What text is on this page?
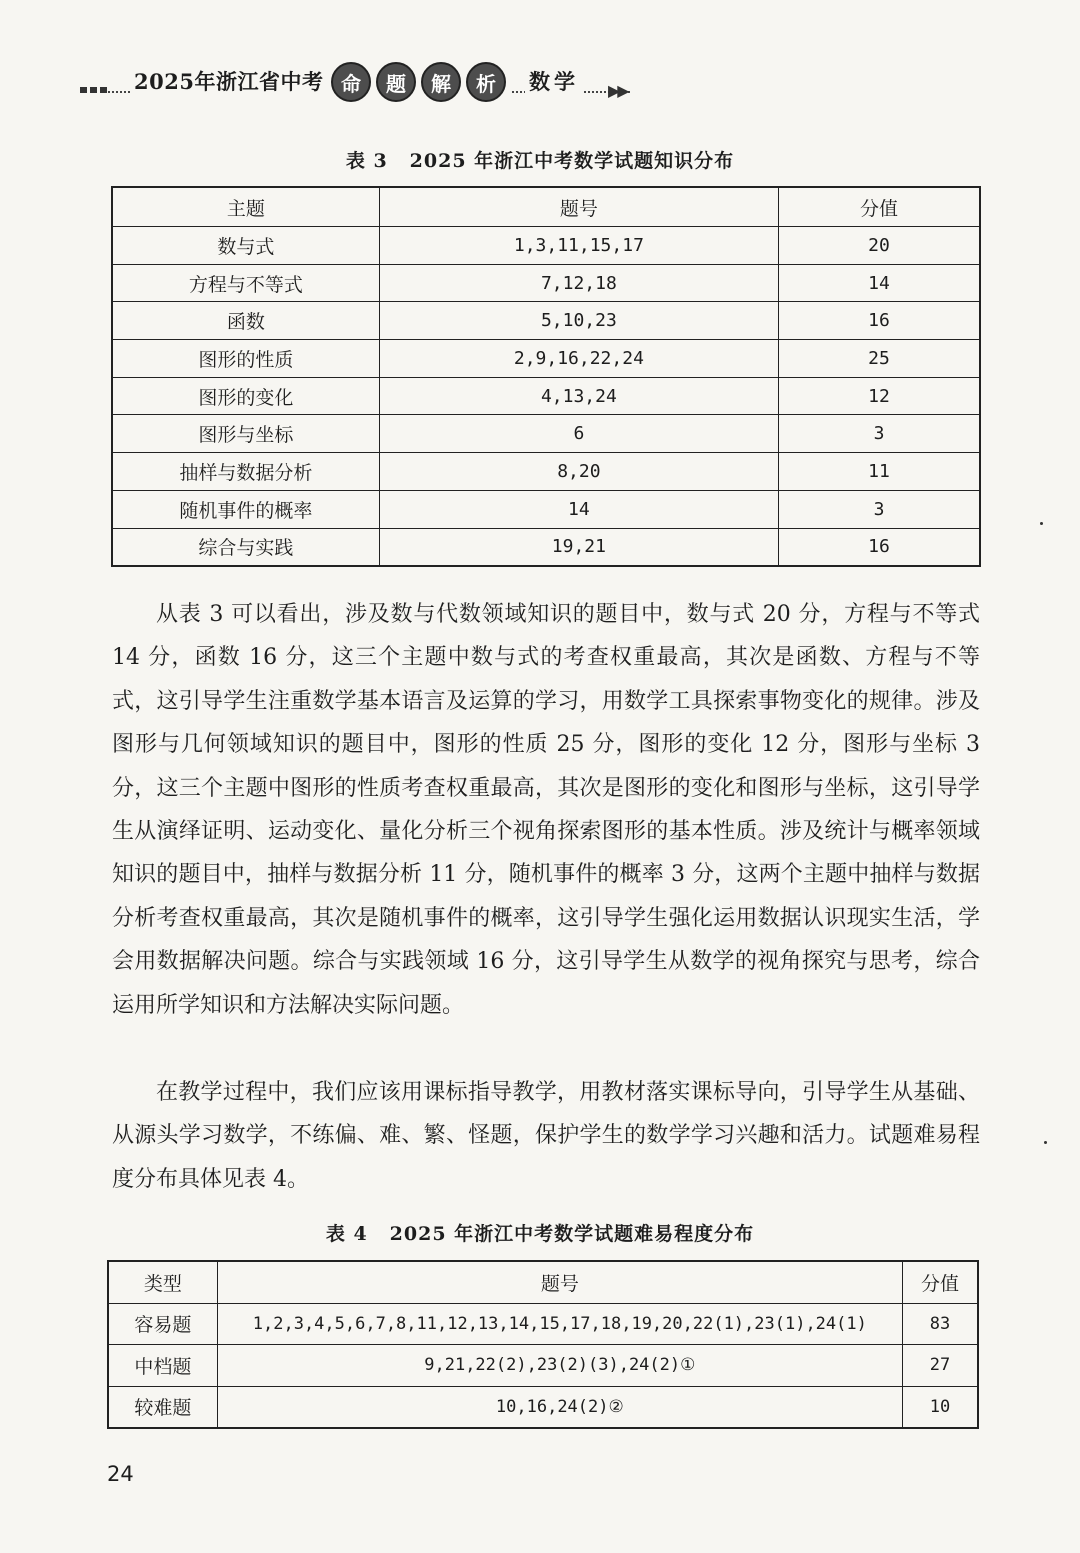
2025年浙江省中考 命	题	解	析	数学 ▶▶
表 3 2025 年浙江中考数学试题知识分布
主题	题号	分值
数与式	1,3,11,15,17	20
方程与不等式	7,12,18	14
函数	5,10,23	16
图形的性质	2,9,16,22,24	25
图形的变化	4,13,24	12
图形与坐标	6	3
抽样与数据分析	8,20	11
随机事件的概率	14	3
综合与实践	19,21	16

从表 3 可以看出，涉及数与代数领域知识的题目中，数与式 20 分，方程与不等式 14 分，函数 16 分，这三个主题中数与式的考查权重最高，其次是函数、方程与不等式，这引导学生注重数学基本语言及运算的学习，用数学工具探索事物变化的规律。涉及图形与几何领域知识的题目中，图形的性质 25 分，图形的变化 12 分，图形与坐标 3 分，这三个主题中图形的性质考查权重最高，其次是图形的变化和图形与坐标，这引导学生从演绎证明、运动变化、量化分析三个视角探索图形的基本性质。涉及统计与概率领域知识的题目中，抽样与数据分析 11 分，随机事件的概率 3 分，这两个主题中抽样与数据分析考查权重最高，其次是随机事件的概率，这引导学生强化运用数据认识现实生活，学会用数据解决问题。综合与实践领域 16 分，这引导学生从数学的视角探究与思考，综合运用所学知识和方法解决实际问题。

在教学过程中，我们应该用课标指导教学，用教材落实课标导向，引导学生从基础、从源头学习数学，不练偏、难、繁、怪题，保护学生的数学学习兴趣和活力。试题难易程度分布具体见表 4。

表 4 2025 年浙江中考数学试题难易程度分布
类型	题号	分值
容易题	1,2,3,4,5,6,7,8,11,12,13,14,15,17,18,19,20,22(1),23(1),24(1)	83
中档题	9,21,22(2),23(2)(3),24(2)①	27
较难题	10,16,24(2)②	10
24
